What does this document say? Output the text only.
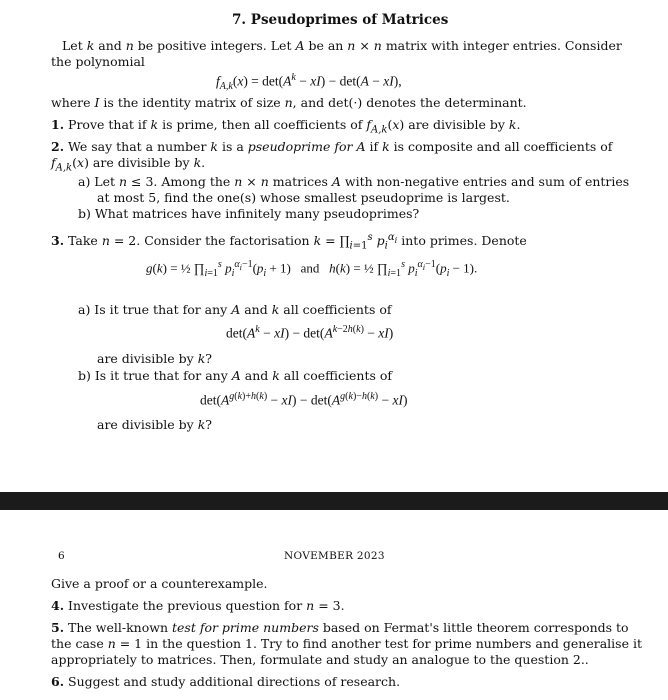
7. Pseudoprimes of Matrices
Let k and n be positive integers. Let A be an n × n matrix with integer entries. Consider
the polynomial
$f_{A,k}(x) = \det(A^k - xI) - \det(A - xI)$,
where I is the identity matrix of size n, and det(·) denotes the determinant.
1. Prove that if k is prime, then all coefficients of $f_{A,k}(x)$ are divisible by k.
2. We say that a number k is a pseudoprime for A if k is composite and all coefficients of
$f_{A,k}(x)$ are divisible by k.
a) Let n ≤ 3. Among the n × n matrices A with non-negative entries and sum of entries
at most 5, find the one(s) whose smallest pseudoprime is largest.
b) What matrices have infinitely many pseudoprimes?
3. Take n = 2. Consider the factorisation $k = \prod_{i=1}^s$ $p_i^{\alpha_i}$ into primes. Denote
g(k) = ½ $\prod_{i=1}^s$ $p_i^{\alpha_i-1}(p_i + 1)$   and   h(k) = ½ $\prod_{i=1}^s$ $p_i^{\alpha_i-1}(p_i - 1)$.
a) Is it true that for any A and k all coefficients of
$\det(A^k - xI) - \det(A^{k-2h(k)} - xI)$
are divisible by k?
b) Is it true that for any A and k all coefficients of
$\det(A^{g(k)+h(k)} - xI) - \det(A^{g(k)-h(k)} - xI)$
are divisible by k?
6	NOVEMBER 2023
Give a proof or a counterexample.
4. Investigate the previous question for n = 3.
5. The well-known test for prime numbers based on Fermat's little theorem corresponds to
the case n = 1 in the question 1. Try to find another test for prime numbers and generalise it
appropriately to matrices. Then, formulate and study an analogue to the question 2..
6. Suggest and study additional directions of research.
